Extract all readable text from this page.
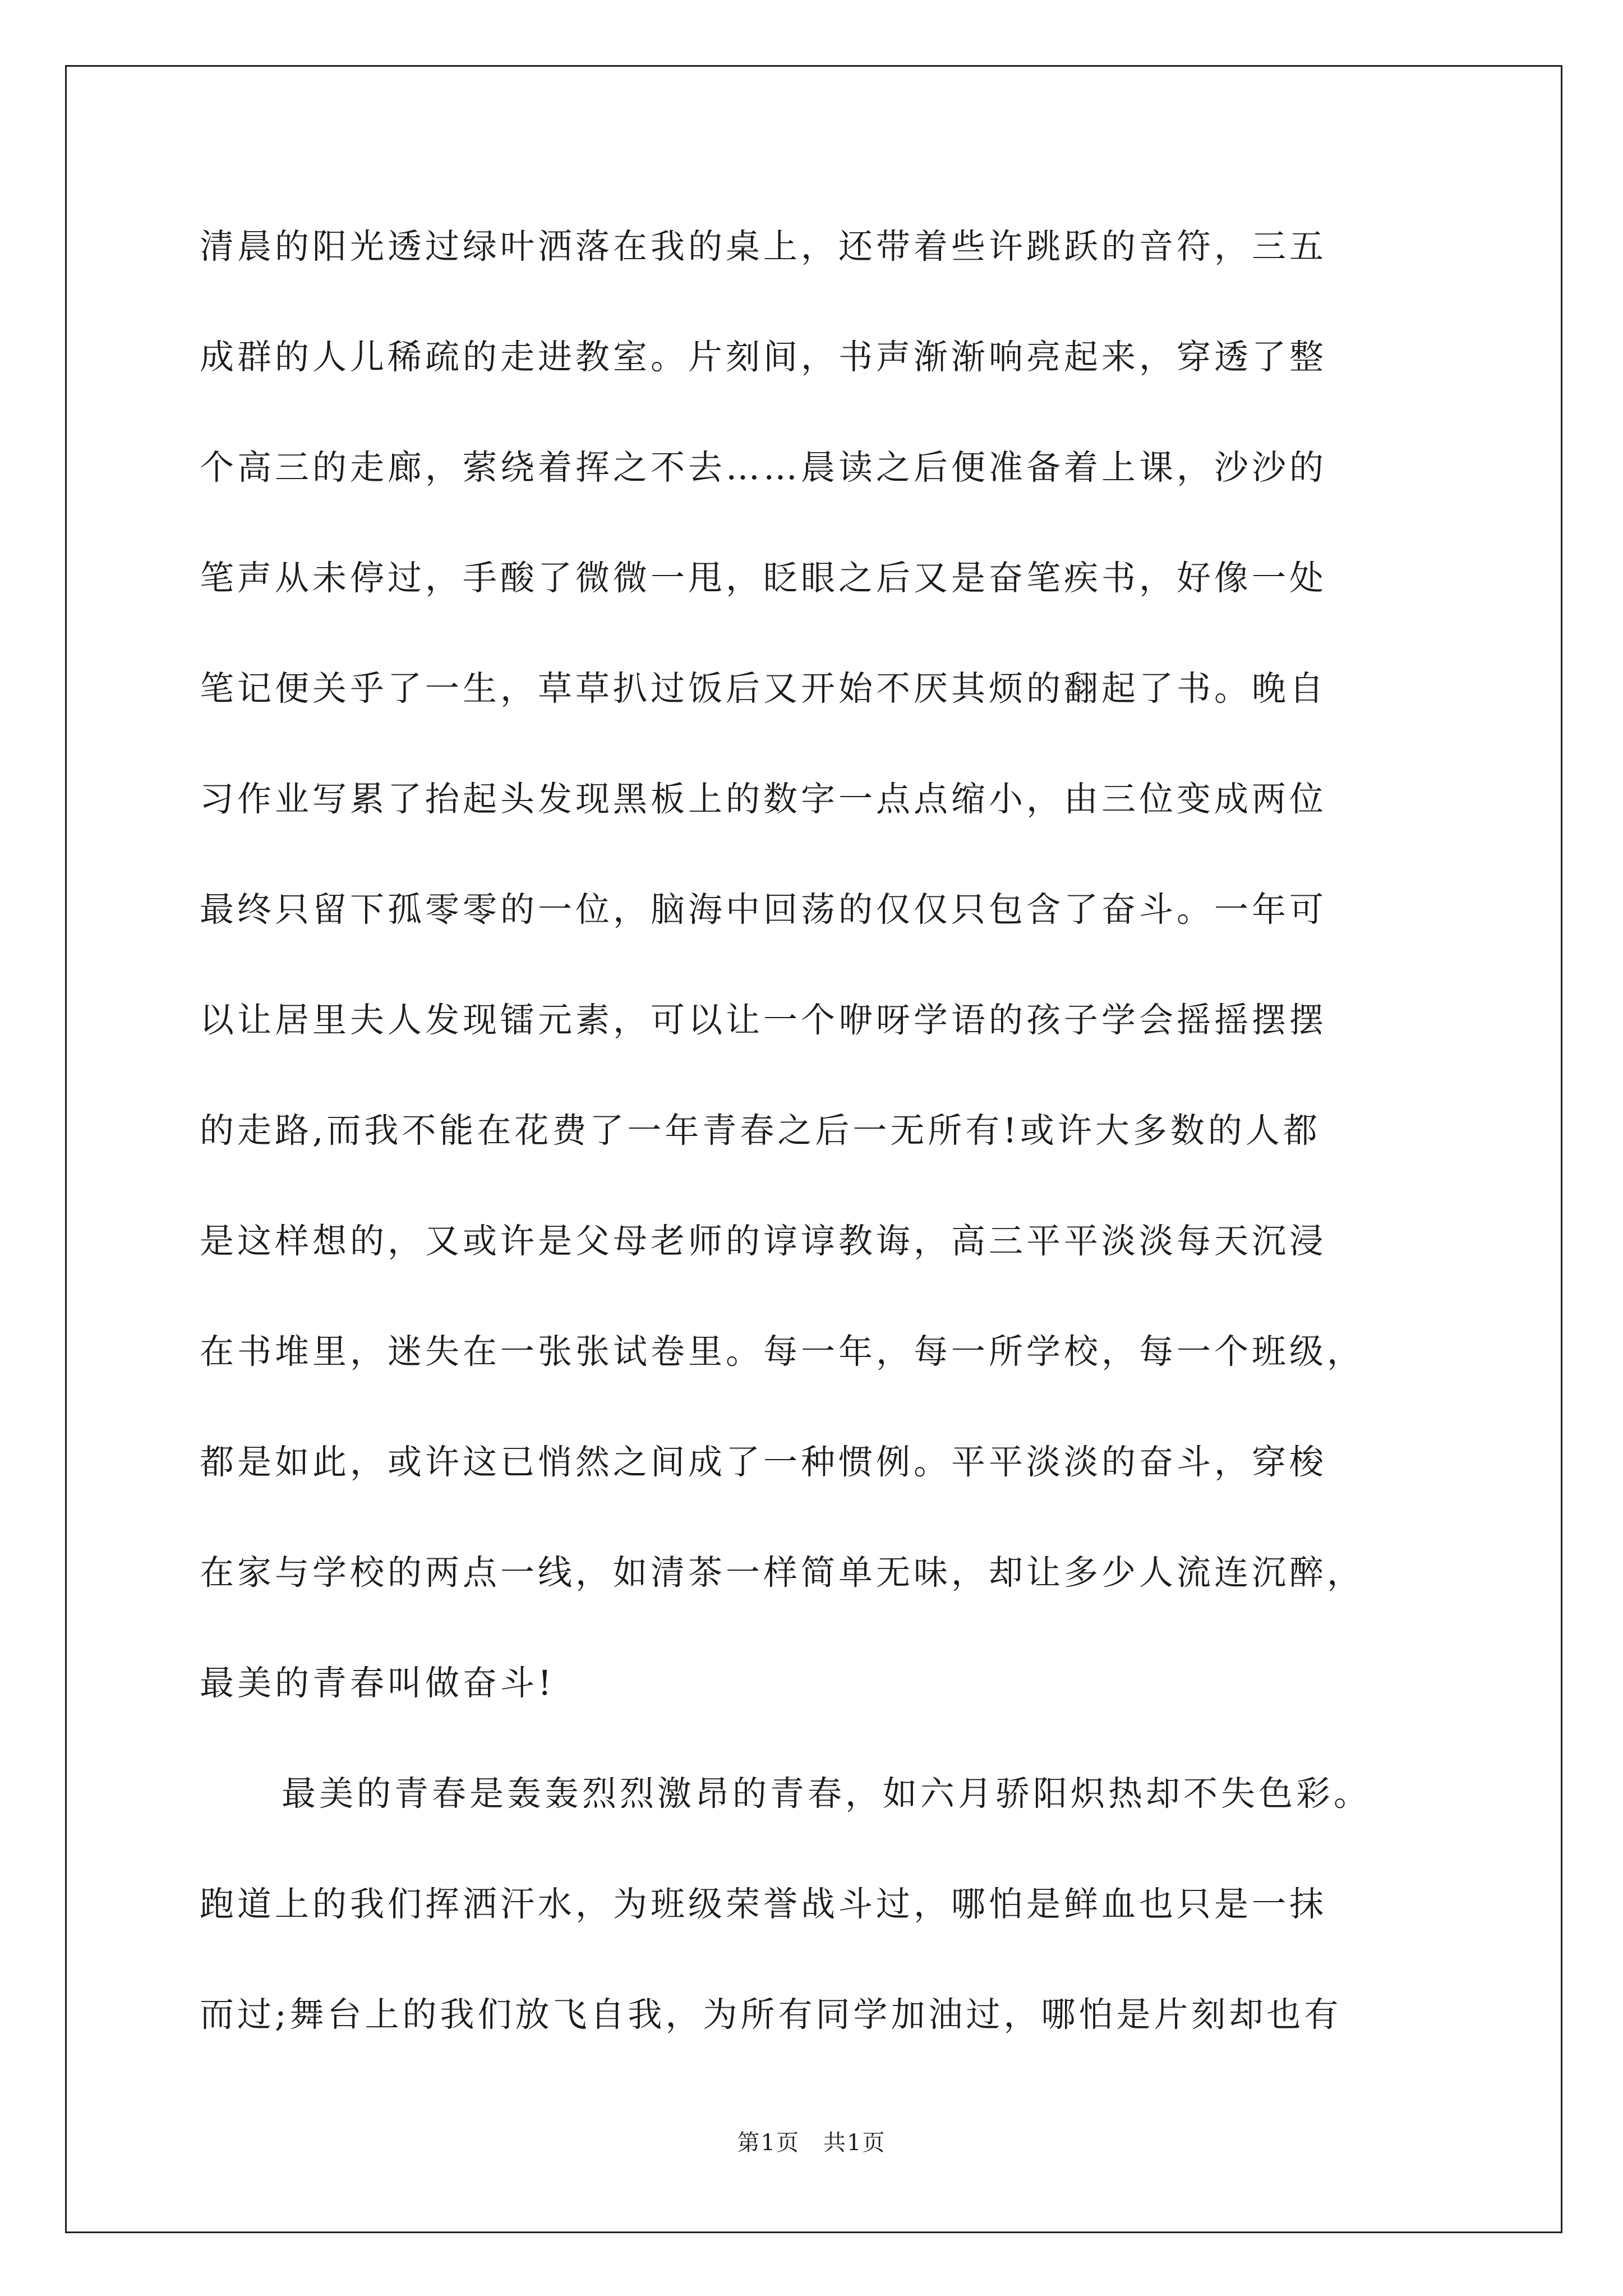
清晨的阳光透过绿叶洒落在我的桌上，还带着些许跳跃的音符，三五
成群的人儿稀疏的走进教室。片刻间，书声渐渐响亮起来，穿透了整
个高三的走廊，萦绕着挥之不去……晨读之后便准备着上课，沙沙的
笔声从未停过，手酸了微微一甩，眨眼之后又是奋笔疾书，好像一处
笔记便关乎了一生，草草扒过饭后又开始不厌其烦的翻起了书。晚自
习作业写累了抬起头发现黑板上的数字一点点缩小，由三位变成两位
最终只留下孤零零的一位，脑海中回荡的仅仅只包含了奋斗。一年可
以让居里夫人发现镭元素，可以让一个咿呀学语的孩子学会摇摇摆摆
的走路,而我不能在花费了一年青春之后一无所有!或许大多数的人都
是这样想的，又或许是父母老师的谆谆教诲，高三平平淡淡每天沉浸
在书堆里，迷失在一张张试卷里。每一年，每一所学校，每一个班级，
都是如此，或许这已悄然之间成了一种惯例。平平淡淡的奋斗，穿梭
在家与学校的两点一线，如清茶一样简单无味，却让多少人流连沉醉，
最美的青春叫做奋斗!
最美的青春是轰轰烈烈激昂的青春，如六月骄阳炽热却不失色彩。
跑道上的我们挥洒汗水，为班级荣誉战斗过，哪怕是鲜血也只是一抹
而过;舞台上的我们放飞自我，为所有同学加油过，哪怕是片刻却也有
第1页　共1页
